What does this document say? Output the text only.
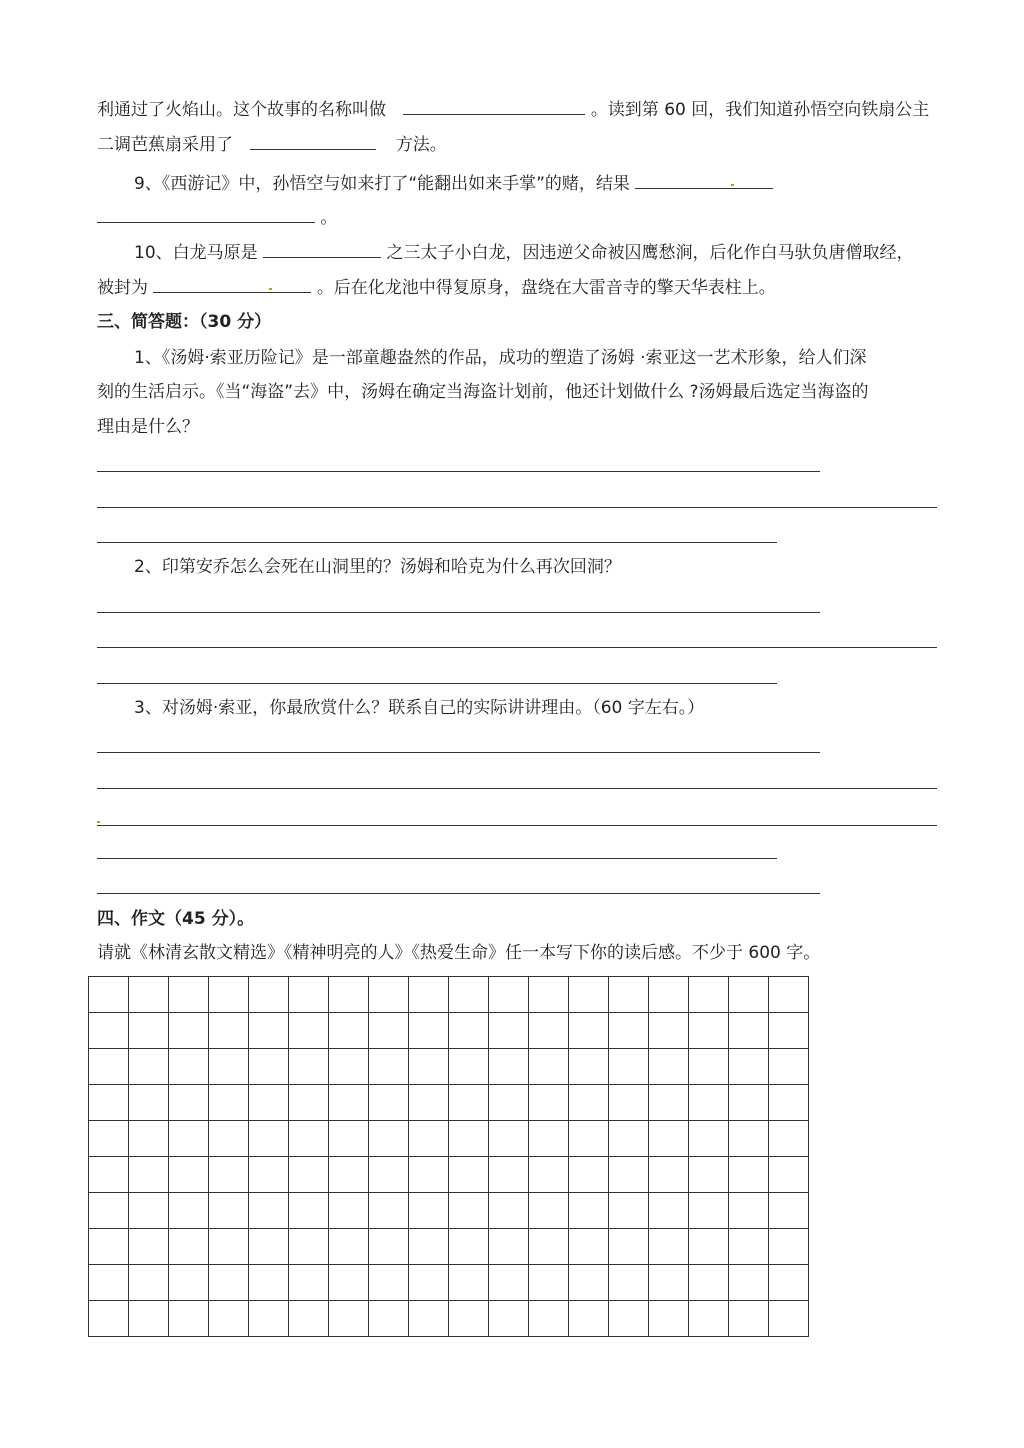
利通过了火焰山。这个故事的名称叫做	。读到第 60 回，我们知道孙悟空向铁扇公主
二调芭蕉扇采用了	方法。
9、《西游记》中，孙悟空与如来打了“能翻出如来手掌”的赌，结果
。
10、白龙马原是	之三太子小白龙，因违逆父命被囚鹰愁涧，后化作白马驮负唐僧取经，
被封为	。后在化龙池中得复原身，盘绕在大雷音寺的擎天华表柱上。
三、简答题：（30 分）
1、《汤姆·索亚历险记》是一部童趣盎然的作品，成功的塑造了汤姆 ·索亚这一艺术形象，给人们深
刻的生活启示。《当“海盗”去》中，汤姆在确定当海盗计划前，他还计划做什么 ?汤姆最后选定当海盗的
理由是什么？
2、印第安乔怎么会死在山洞里的？汤姆和哈克为什么再次回洞？
3、对汤姆·索亚，你最欣赏什么？联系自己的实际讲讲理由。（60 字左右。）
四、作文（45 分）。
请就《林清玄散文精选》《精神明亮的人》《热爱生命》任一本写下你的读后感。不少于 600 字。
